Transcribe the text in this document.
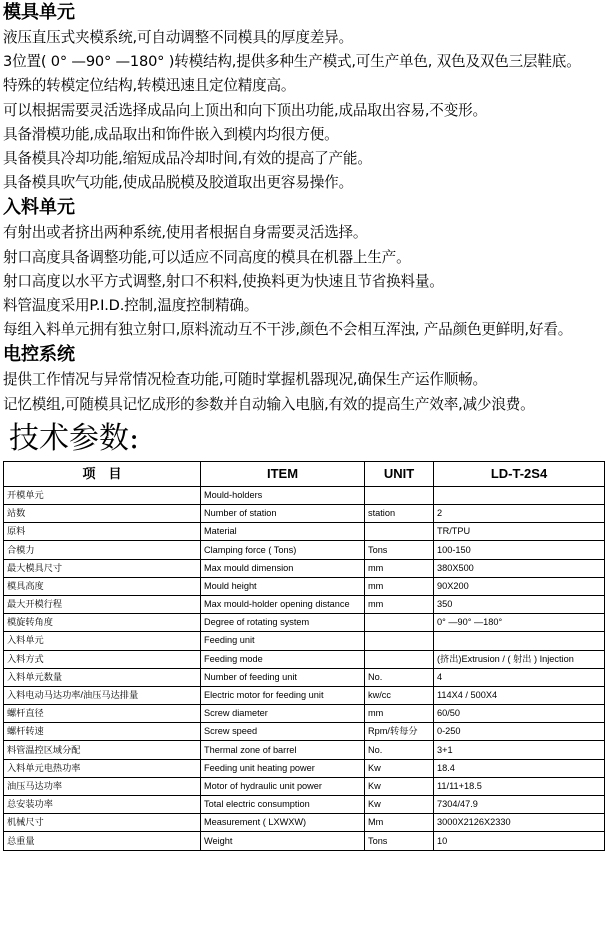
模具单元

液压直压式夹模系统,可自动调整不同模具的厚度差异。

3位置( 0° —90° —180° )转模结构,提供多种生产模式,可生产单色, 双色及双色三层鞋底。

特殊的转模定位结构,转模迅速且定位精度高。

可以根据需要灵活选择成品向上顶出和向下顶出功能,成品取出容易,不变形。

具备滑模功能,成品取出和饰件嵌入到模内均很方便。

具备模具冷却功能,缩短成品冷却时间,有效的提高了产能。

具备模具吹气功能,使成品脱模及胶道取出更容易操作。

入料单元

有射出或者挤出两种系统,使用者根据自身需要灵活选择。

射口高度具备调整功能,可以适应不同高度的模具在机器上生产。

射口高度以水平方式调整,射口不积料,使换料更为快速且节省换料量。

料管温度采用P.I.D.控制,温度控制精确。

每组入料单元拥有独立射口,原料流动互不干涉,颜色不会相互浑浊, 产品颜色更鲜明,好看。

电控系统

提供工作情况与异常情况检查功能,可随时掌握机器现况,确保生产运作顺畅。

记忆模组,可随模具记忆成形的参数并自动输入电脑,有效的提高生产效率,减少浪费。

技术参数:
项　目	ITEM	UNIT	LD-T-2S4
开模单元	Mould-holders		
站数	Number of station	station	2
原料	Material		TR/TPU
合模力	Clamping force ( Tons)	Tons	100-150
最大模具尺寸	Max mould dimension	mm	380X500
模具高度	Mould height	mm	90X200
最大开模行程	Max mould-holder opening distance	mm	350
模旋转角度	Degree of rotating system		0° —90° —180°
入料单元	Feeding unit		
入料方式	Feeding mode		(挤出)Extrusion / ( 射出 ) Injection
入料单元数量	Number of feeding unit	No.	4
入料电动马达功率/油压马达排量	Electric motor for feeding unit	kw/cc	114X4 / 500X4
螺杆直径	Screw diameter	mm	60/50
螺杆转速	Screw speed	Rpm/转每分	0-250
料管温控区域分配	Thermal zone of barrel	No.	3+1
入料单元电热功率	Feeding unit heating power	Kw	18.4
油压马达功率	Motor of hydraulic unit power	Kw	11/11+18.5
总安装功率	Total electric consumption	Kw	7304/47.9
机械尺寸	Measurement ( LXWXW)	Mm	3000X2126X2330
总重量	Weight	Tons	10
